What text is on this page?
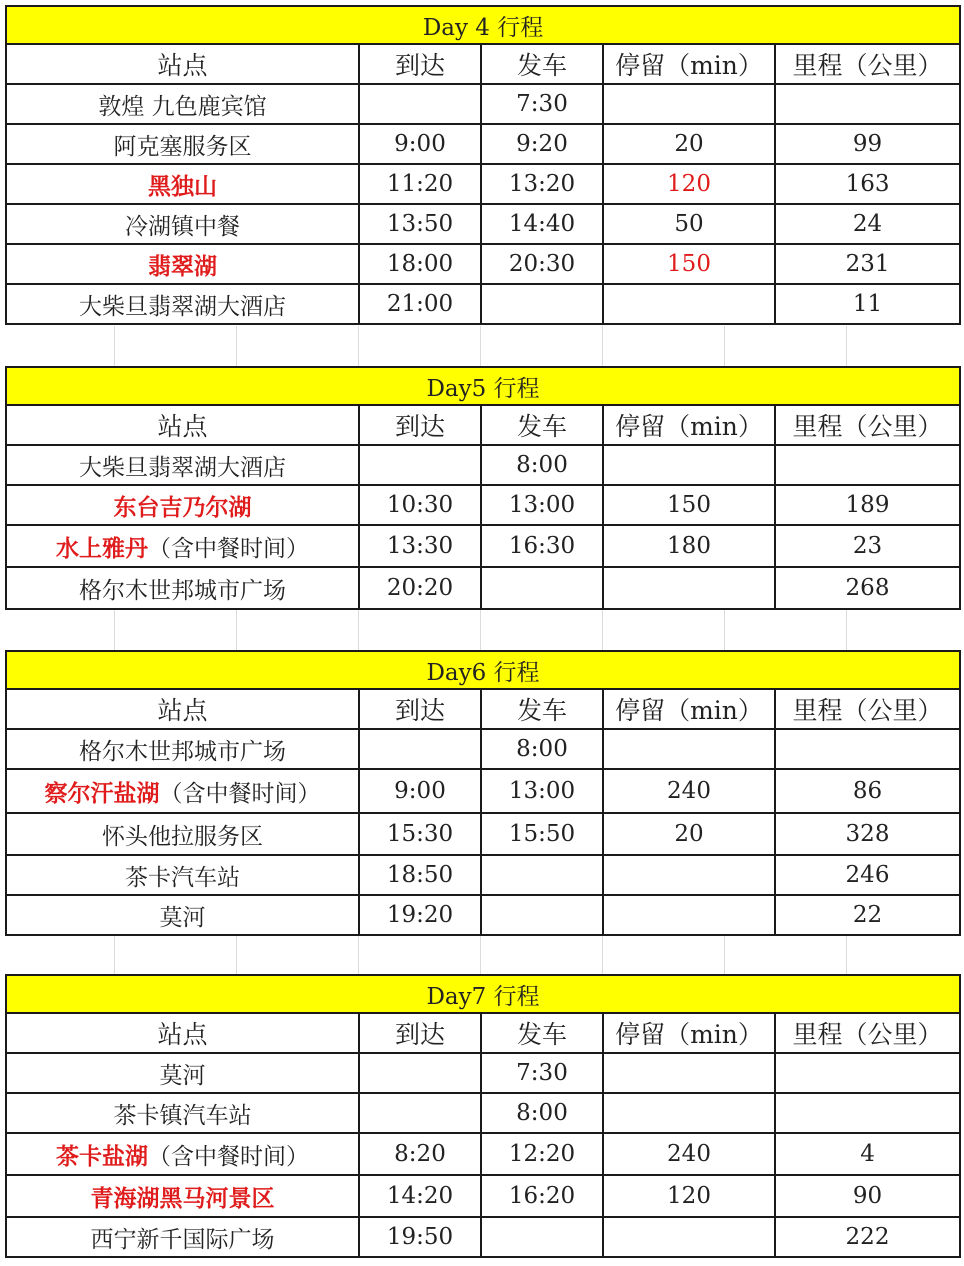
Day 4 行程				
站点	到达	发车	停留（min）	里程（公里）
敦煌 九色鹿宾馆		7:30		
阿克塞服务区	9:00	9:20	20	99
黑独山	11:20	13:20	120	163
冷湖镇中餐	13:50	14:40	50	24
翡翠湖	18:00	20:30	150	231
大柴旦翡翠湖大酒店	21:00			11
Day5 行程				
站点	到达	发车	停留（min）	里程（公里）
大柴旦翡翠湖大酒店		8:00		
东台吉乃尔湖	10:30	13:00	150	189
水上雅丹（含中餐时间）	13:30	16:30	180	23
格尔木世邦城市广场	20:20			268
Day6 行程				
站点	到达	发车	停留（min）	里程（公里）
格尔木世邦城市广场		8:00		
察尔汗盐湖（含中餐时间）	9:00	13:00	240	86
怀头他拉服务区	15:30	15:50	20	328
茶卡汽车站	18:50			246
莫河	19:20			22
Day7 行程				
站点	到达	发车	停留（min）	里程（公里）
莫河		7:30		
茶卡镇汽车站		8:00		
茶卡盐湖（含中餐时间）	8:20	12:20	240	4
青海湖黑马河景区	14:20	16:20	120	90
西宁新千国际广场	19:50			222
